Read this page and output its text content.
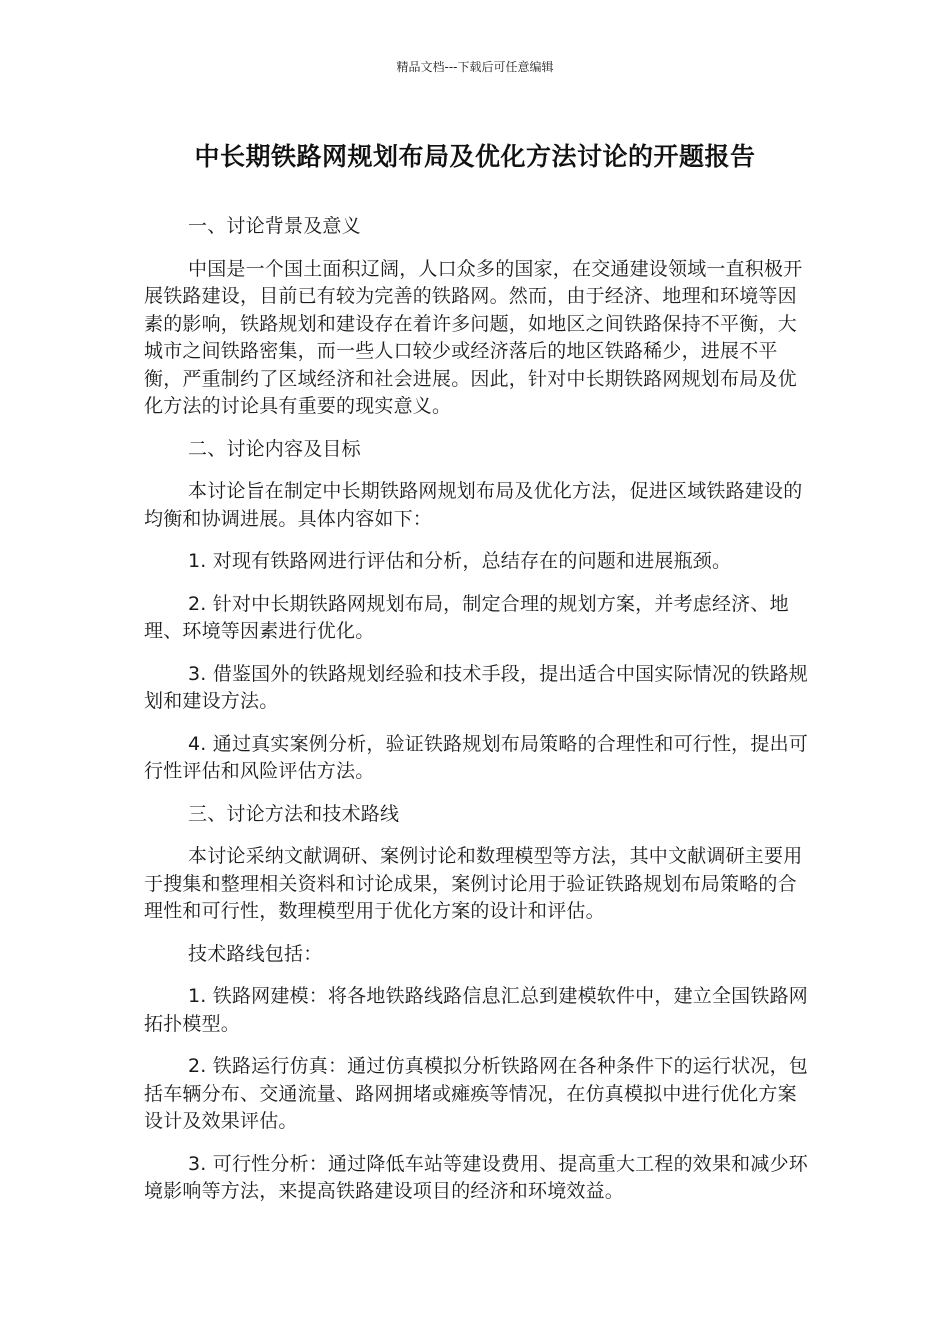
精品文档---下载后可任意编辑
中长期铁路网规划布局及优化方法讨论的开题报告

一、讨论背景及意义

中国是一个国土面积辽阔，人口众多的国家，在交通建设领域一直积极开展铁路建设，目前已有较为完善的铁路网。然而，由于经济、地理和环境等因素的影响，铁路规划和建设存在着许多问题，如地区之间铁路保持不平衡，大城市之间铁路密集，而一些人口较少或经济落后的地区铁路稀少，进展不平衡，严重制约了区域经济和社会进展。因此，针对中长期铁路网规划布局及优化方法的讨论具有重要的现实意义。

二、讨论内容及目标

本讨论旨在制定中长期铁路网规划布局及优化方法，促进区域铁路建设的均衡和协调进展。具体内容如下：

1. 对现有铁路网进行评估和分析，总结存在的问题和进展瓶颈。

2. 针对中长期铁路网规划布局，制定合理的规划方案，并考虑经济、地理、环境等因素进行优化。

3. 借鉴国外的铁路规划经验和技术手段，提出适合中国实际情况的铁路规划和建设方法。

4. 通过真实案例分析，验证铁路规划布局策略的合理性和可行性，提出可行性评估和风险评估方法。

三、讨论方法和技术路线

本讨论采纳文献调研、案例讨论和数理模型等方法，其中文献调研主要用于搜集和整理相关资料和讨论成果，案例讨论用于验证铁路规划布局策略的合理性和可行性，数理模型用于优化方案的设计和评估。

技术路线包括：

1. 铁路网建模：将各地铁路线路信息汇总到建模软件中，建立全国铁路网拓扑模型。

2. 铁路运行仿真：通过仿真模拟分析铁路网在各种条件下的运行状况，包括车辆分布、交通流量、路网拥堵或瘫痪等情况，在仿真模拟中进行优化方案设计及效果评估。

3. 可行性分析：通过降低车站等建设费用、提高重大工程的效果和减少环境影响等方法，来提高铁路建设项目的经济和环境效益。
